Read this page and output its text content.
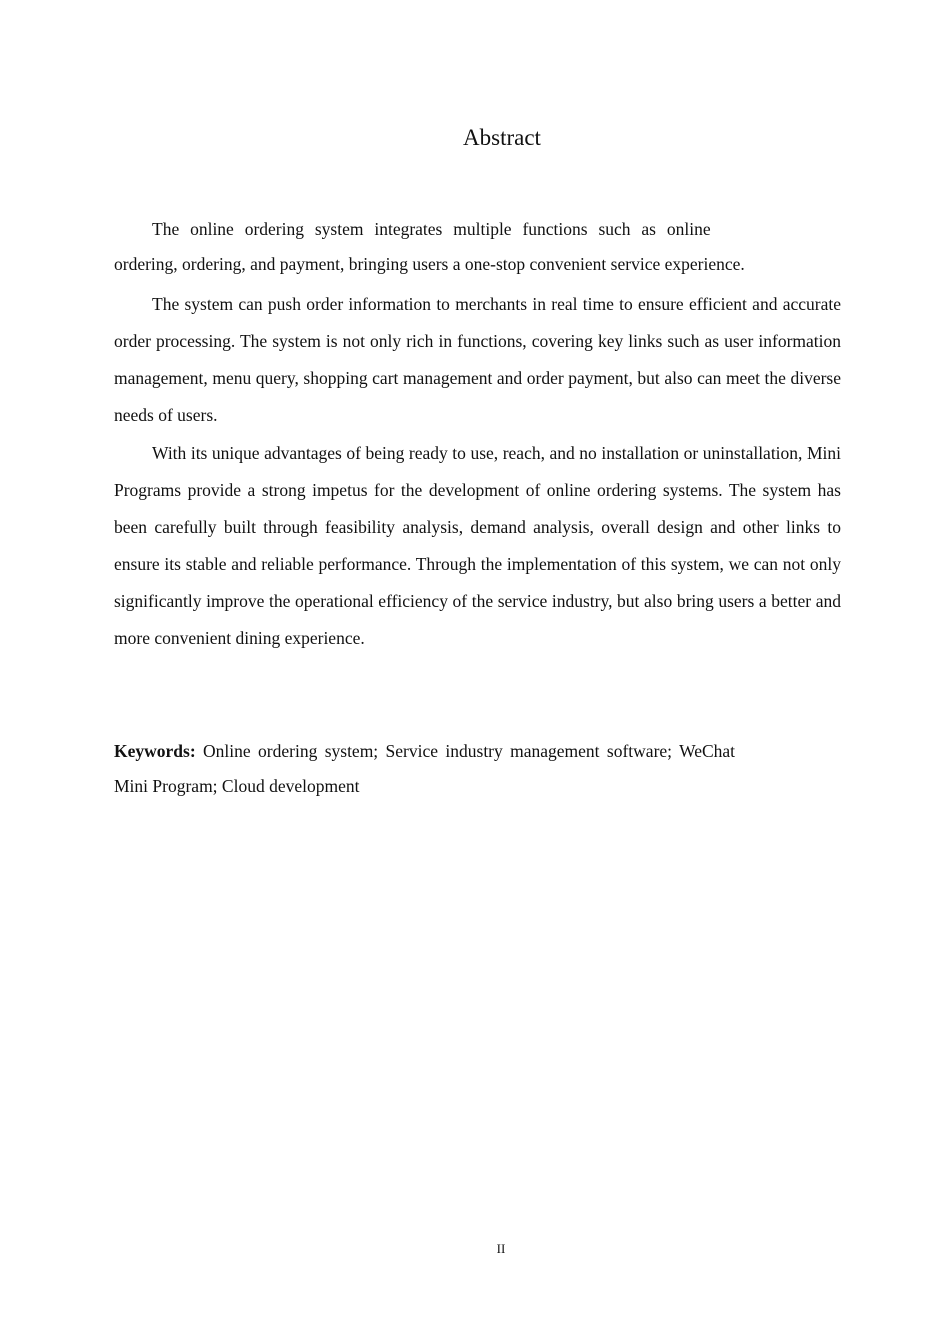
Abstract
The online ordering system integrates multiple functions such as online
ordering, ordering, and payment, bringing users a one-stop convenient service experience.

The system can push order information to merchants in real time to ensure efficient and accurate order processing. The system is not only rich in functions, covering key links such as user information management, menu query, shopping cart management and order payment, but also can meet the diverse needs of users.

With its unique advantages of being ready to use, reach, and no installation or uninstallation, Mini Programs provide a strong impetus for the development of online ordering systems. The system has been carefully built through feasibility analysis, demand analysis, overall design and other links to ensure its stable and reliable performance. Through the implementation of this system, we can not only significantly improve the operational efficiency of the service industry, but also bring users a better and more convenient dining experience.

Keywords: Online ordering system; Service industry management software; WeChat
Mini Program; Cloud development
II
